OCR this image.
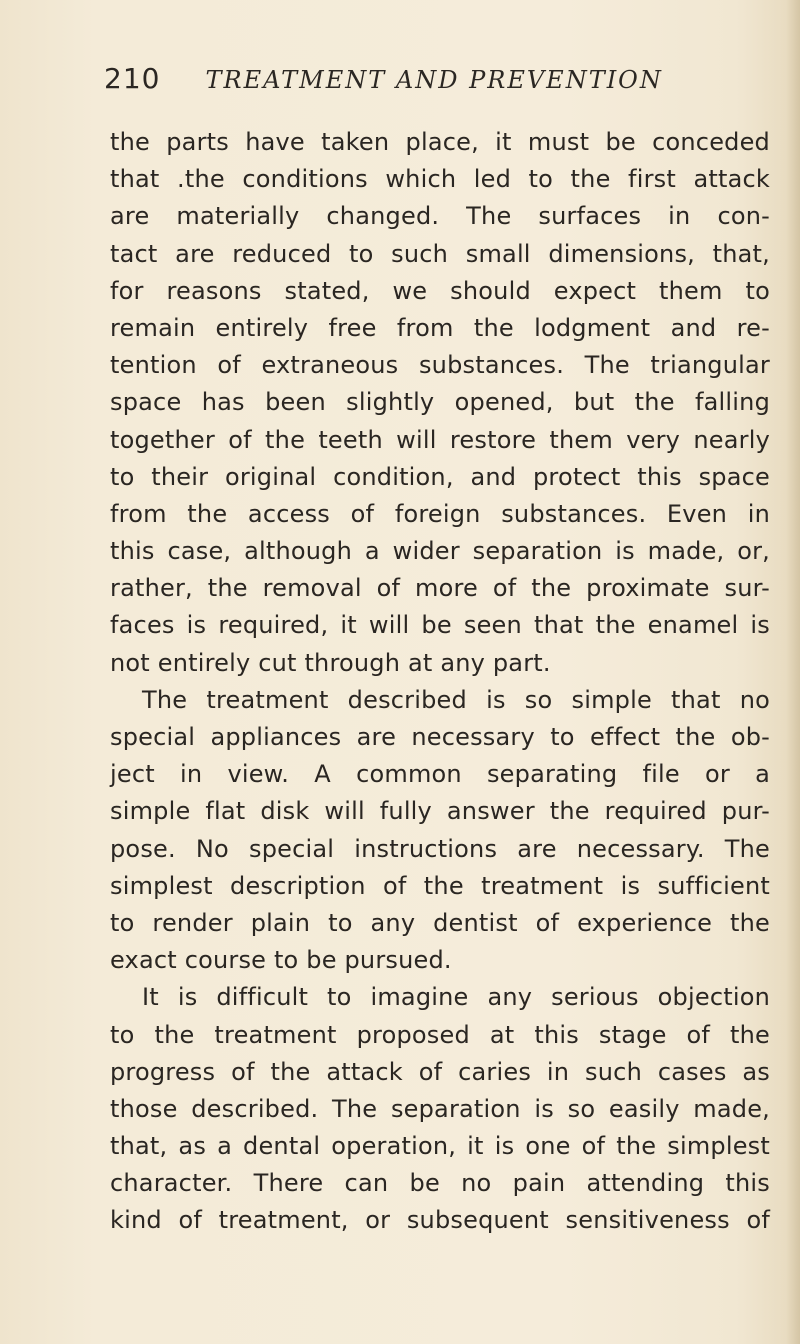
210 TREATMENT AND PREVENTION
the parts have taken place, it must be conceded
that .the conditions which led to the first attack
are materially changed. The surfaces in con-
tact are reduced to such small dimensions, that,
for reasons stated, we should expect them to
remain entirely free from the lodgment and re-
tention of extraneous substances. The triangular
space has been slightly opened, but the falling
together of the teeth will restore them very nearly
to their original condition, and protect this space
from the access of foreign substances. Even in
this case, although a wider separation is made, or,
rather, the removal of more of the proximate sur-
faces is required, it will be seen that the enamel is
not entirely cut through at any part.
The treatment described is so simple that no
special appliances are necessary to effect the ob-
ject in view. A common separating file or a
simple flat disk will fully answer the required pur-
pose. No special instructions are necessary. The
simplest description of the treatment is sufficient
to render plain to any dentist of experience the
exact course to be pursued.
It is difficult to imagine any serious objection
to the treatment proposed at this stage of the
progress of the attack of caries in such cases as
those described. The separation is so easily made,
that, as a dental operation, it is one of the simplest
character. There can be no pain attending this
kind of treatment, or subsequent sensitiveness of
